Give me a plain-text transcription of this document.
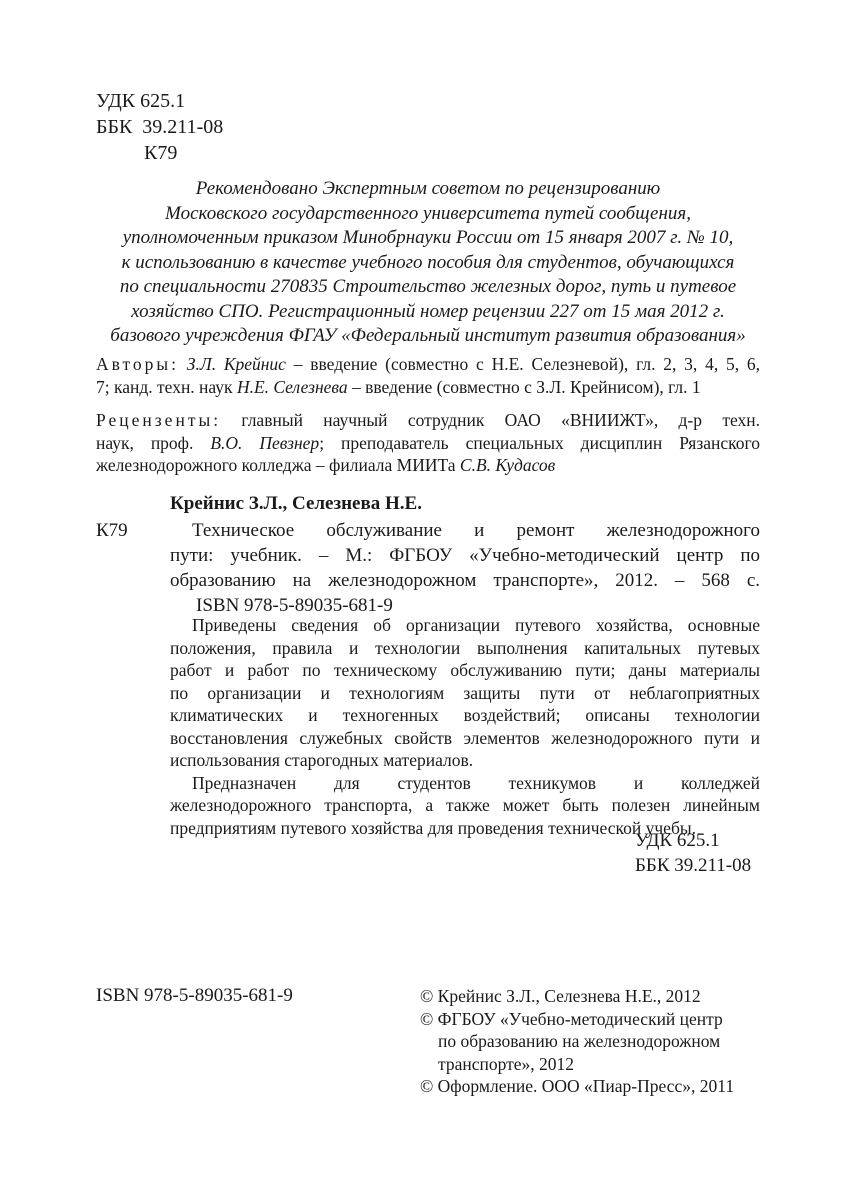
УДК 625.1
ББК  39.211-08
К79
Рекомендовано Экспертным советом по рецензированию
Московского государственного университета путей сообщения,
уполномоченным приказом Минобрнауки России от 15 января 2007 г. № 10,
к использованию в качестве учебного пособия для студентов, обучающихся
по специальности 270835 Строительство железных дорог, путь и путевое
хозяйство СПО. Регистрационный номер рецензии 227 от 15 мая 2012 г.
базового учреждения ФГАУ «Федеральный институт развития образования»
Авторы: З.Л. Крейнис – введение (совместно с Н.Е. Селезневой), гл. 2, 3, 4, 5, 6,
7; канд. техн. наук Н.Е. Селезнева – введение (совместно с З.Л. Крейнисом), гл. 1
Рецензенты: главный научный сотрудник ОАО «ВНИИЖТ», д-р техн.
наук, проф. В.О. Певзнер; преподаватель специальных дисциплин Рязанского
железнодорожного колледжа – филиала МИИТа С.В. Кудасов
Крейнис З.Л., Селезнева Н.Е.
К79	Техническое обслуживание и ремонт железнодорожного
пути: учебник. – М.: ФГБОУ «Учебно-методический центр по
образованию на железнодорожном транспорте», 2012. – 568 с.
ISBN 978-5-89035-681-9
Приведены сведения об организации путевого хозяйства, основные
положения, правила и технологии выполнения капитальных путевых
работ и работ по техническому обслуживанию пути; даны материалы
по организации и технологиям защиты пути от неблагоприятных
климатических и техногенных воздействий; описаны технологии
восстановления служебных свойств элементов железнодорожного пути и
использования старогодных материалов.
Предназначен для студентов техникумов и колледжей
железнодорожного транспорта, а также может быть полезен линейным
предприятиям путевого хозяйства для проведения технической учебы.
УДК 625.1
ББК 39.211-08
ISBN 978-5-89035-681-9	© Крейнис З.Л., Селезнева Н.Е., 2012
© ФГБОУ «Учебно-методический центр
по образованию на железнодорожном
транспорте», 2012
© Оформление. ООО «Пиар-Пресс», 2011
